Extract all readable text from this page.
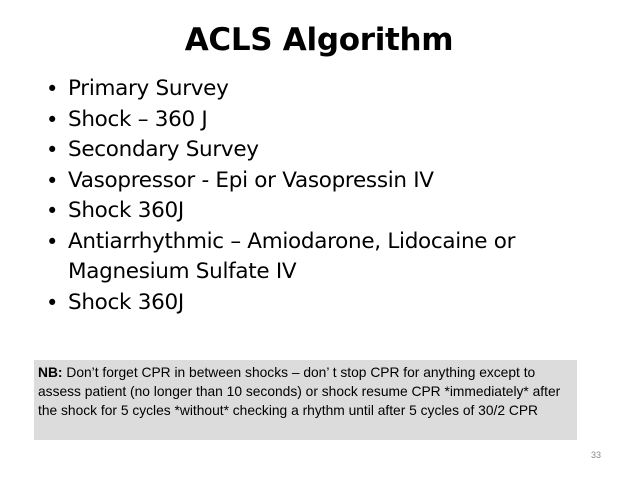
ACLS Algorithm
• Primary Survey
• Shock – 360 J
• Secondary Survey
• Vasopressor - Epi or Vasopressin IV
• Shock 360J
• Antiarrhythmic – Amiodarone, Lidocaine or Magnesium Sulfate IV
• Shock 360J
NB: Don’t forget CPR in between shocks – don’ t stop CPR for anything except to assess patient (no longer than 10 seconds) or shock resume CPR *immediately* after the shock for 5 cycles *without* checking a rhythm until after 5 cycles of 30/2 CPR
33
